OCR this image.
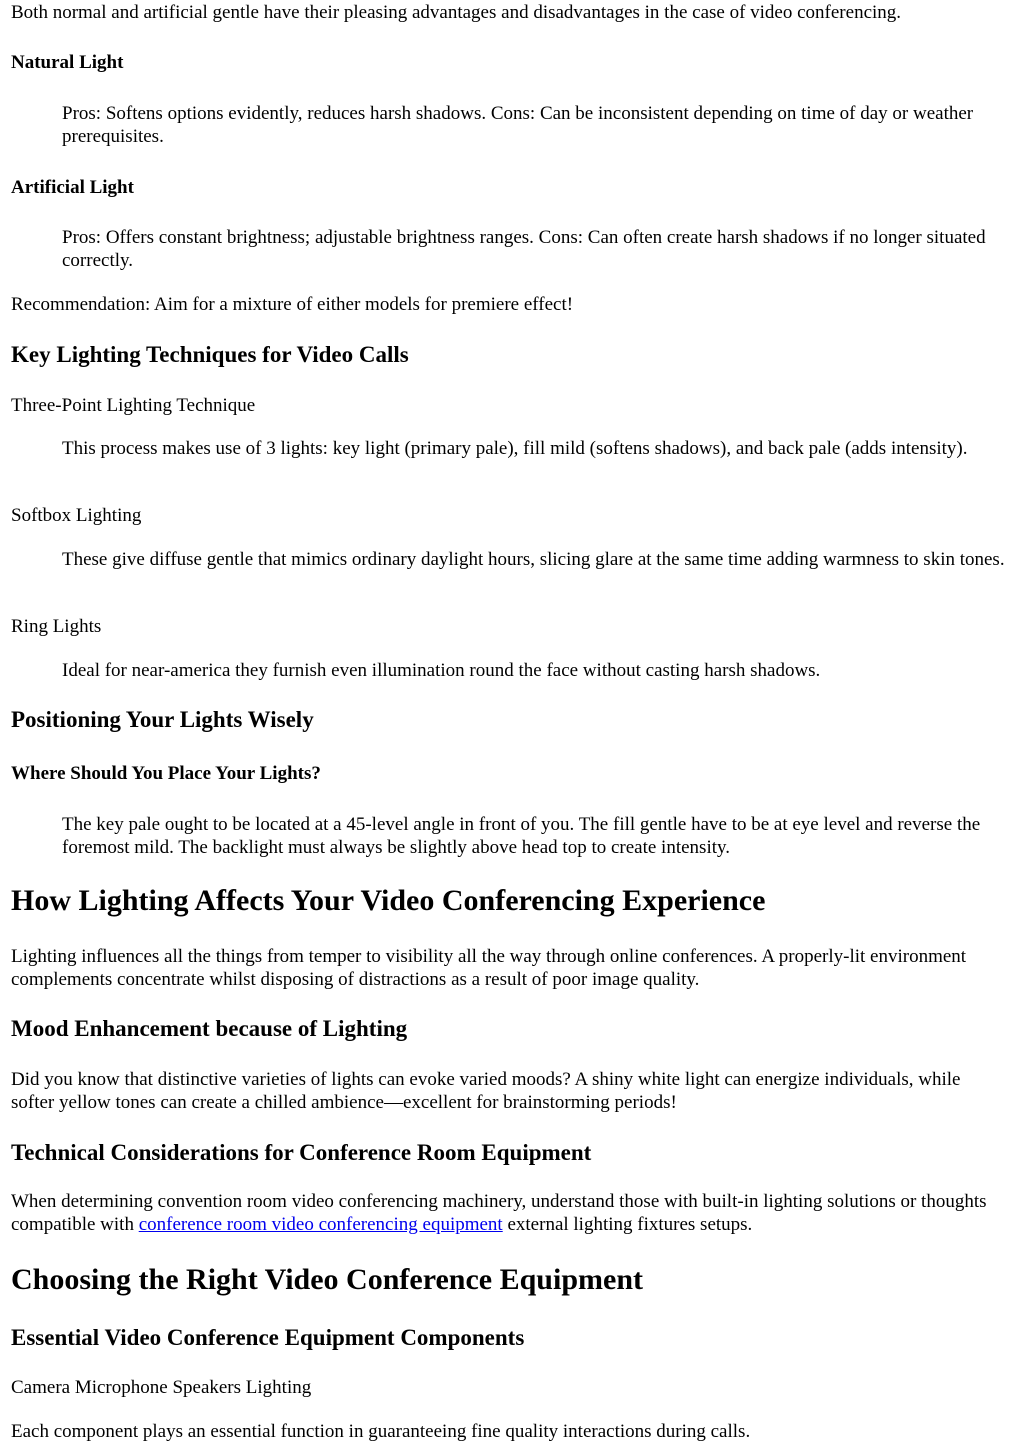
Both normal and artificial gentle have their pleasing advantages and disadvantages in the case of video conferencing.

Natural Light

Pros: Softens options evidently, reduces harsh shadows. Cons: Can be inconsistent depending on time of day or weather prerequisites.

Artificial Light

Pros: Offers constant brightness; adjustable brightness ranges. Cons: Can often create harsh shadows if no longer situated correctly.

Recommendation: Aim for a mixture of either models for premiere effect!

Key Lighting Techniques for Video Calls

Three-Point Lighting Technique

This process makes use of 3 lights: key light (primary pale), fill mild (softens shadows), and back pale (adds intensity).

Softbox Lighting

These give diffuse gentle that mimics ordinary daylight hours, slicing glare at the same time adding warmness to skin tones.

Ring Lights

Ideal for near-america they furnish even illumination round the face without casting harsh shadows.

Positioning Your Lights Wisely
Where Should You Place Your Lights?

The key pale ought to be located at a 45-level angle in front of you. The fill gentle have to be at eye level and reverse the foremost mild. The backlight must always be slightly above head top to create intensity.

How Lighting Affects Your Video Conferencing Experience

Lighting influences all the things from temper to visibility all the way through online conferences. A properly-lit environment complements concentrate whilst disposing of distractions as a result of poor image quality.

Mood Enhancement because of Lighting

Did you know that distinctive varieties of lights can evoke varied moods? A shiny white light can energize individuals, while softer yellow tones can create a chilled ambience—excellent for brainstorming periods!

Technical Considerations for Conference Room Equipment

When determining convention room video conferencing machinery, understand those with built-in lighting solutions or thoughts compatible with conference room video conferencing equipment external lighting fixtures setups.

Choosing the Right Video Conference Equipment
Essential Video Conference Equipment Components

Camera Microphone Speakers Lighting

Each component plays an essential function in guaranteeing fine quality interactions during calls.
